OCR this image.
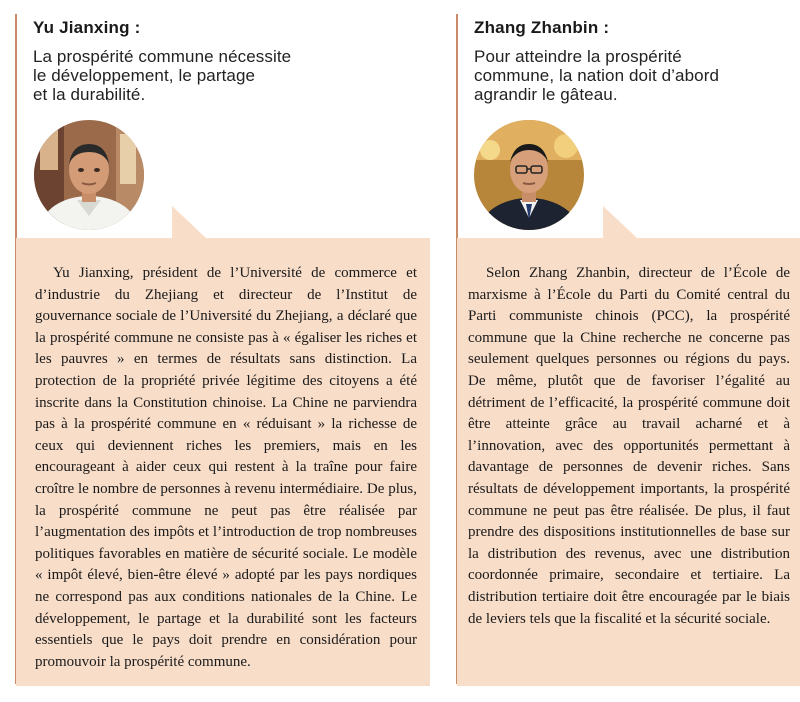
Yu Jianxing :
La prospérité commune nécessite
le développement, le partage
et la durabilité.

Yu Jianxing, président de l’Université de commerce et d’industrie du Zhejiang et directeur de l’Institut de gouvernance sociale de l’Université du Zhejiang, a déclaré que la prospérité commune ne consiste pas à « égaliser les riches et les pauvres » en termes de résultats sans distinction. La protection de la propriété privée légitime des citoyens a été inscrite dans la Constitution chinoise. La Chine ne parviendra pas à la prospérité commune en « réduisant » la richesse de ceux qui deviennent riches les premiers, mais en les encourageant à aider ceux qui restent à la traîne pour faire croître le nombre de personnes à revenu intermédiaire. De plus, la prospérité commune ne peut pas être réalisée par l’augmentation des impôts et l’introduction de trop nombreuses politiques favorables en matière de sécurité sociale. Le modèle « impôt élevé, bien-être élevé » adopté par les pays nordiques ne correspond pas aux conditions nationales de la Chine. Le développement, le partage et la durabilité sont les facteurs essentiels que le pays doit prendre en considération pour promouvoir la prospérité commune.

Zhang Zhanbin :
Pour atteindre la prospérité
commune, la nation doit d’abord
agrandir le gâteau.

Selon Zhang Zhanbin, directeur de l’École de marxisme à l’École du Parti du Comité central du Parti communiste chinois (PCC), la prospérité commune que la Chine recherche ne concerne pas seulement quelques personnes ou régions du pays. De même, plutôt que de favoriser l’égalité au détriment de l’efficacité, la prospérité commune doit être atteinte grâce au travail acharné et à l’innovation, avec des opportunités permettant à davantage de personnes de devenir riches. Sans résultats de développement importants, la prospérité commune ne peut pas être réalisée. De plus, il faut prendre des dispositions institutionnelles de base sur la distribution des revenus, avec une distribution coordonnée primaire, secondaire et tertiaire. La distribution tertiaire doit être encouragée par le biais de leviers tels que la fiscalité et la sécurité sociale.
